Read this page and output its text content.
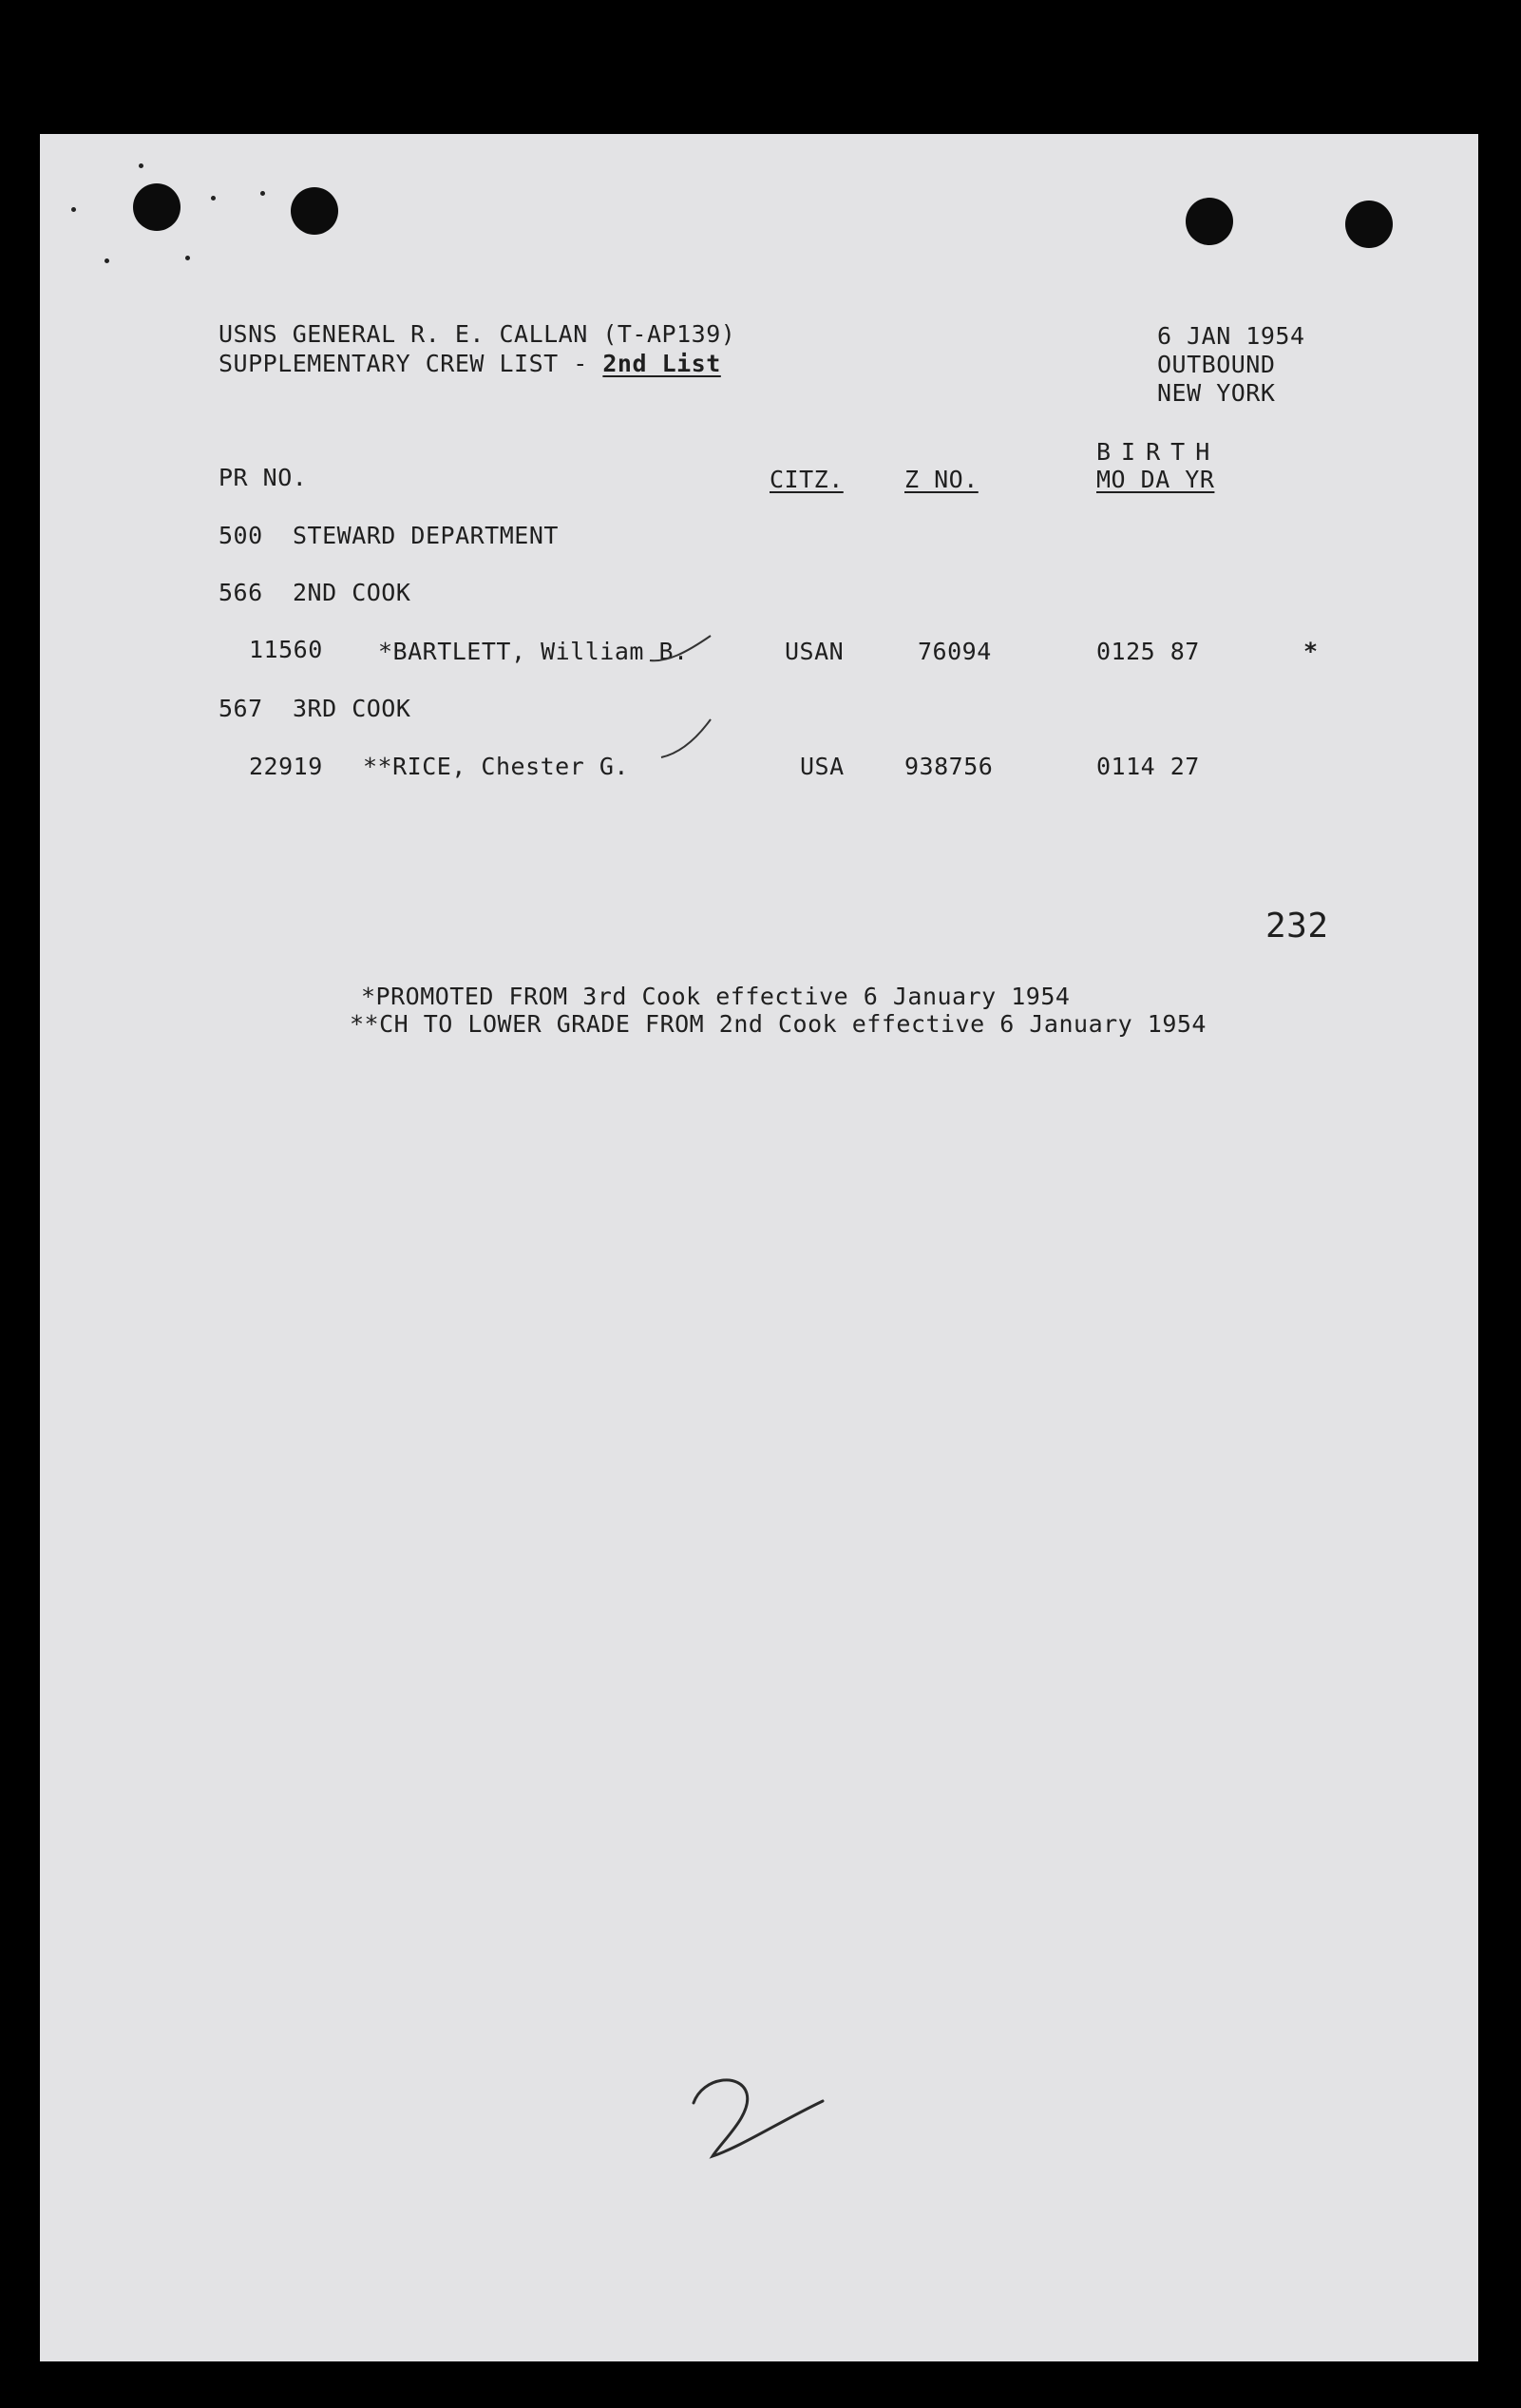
USNS GENERAL R. E. CALLAN (T-AP139)
SUPPLEMENTARY CREW LIST - 2nd List
6 JAN 1954
OUTBOUND
NEW YORK
PR NO.	CITZ.	Z NO.
BIRTH
MO DA YR
500 STEWARD DEPARTMENT
566 2ND COOK
11560 *BARTLETT, William B.	USAN	76094	0125 87	*
567 3RD COOK
22919 **RICE, Chester G.	USA	938756	0114 27
232
*PROMOTED FROM 3rd Cook effective 6 January 1954
**CH TO LOWER GRADE FROM 2nd Cook effective 6 January 1954
